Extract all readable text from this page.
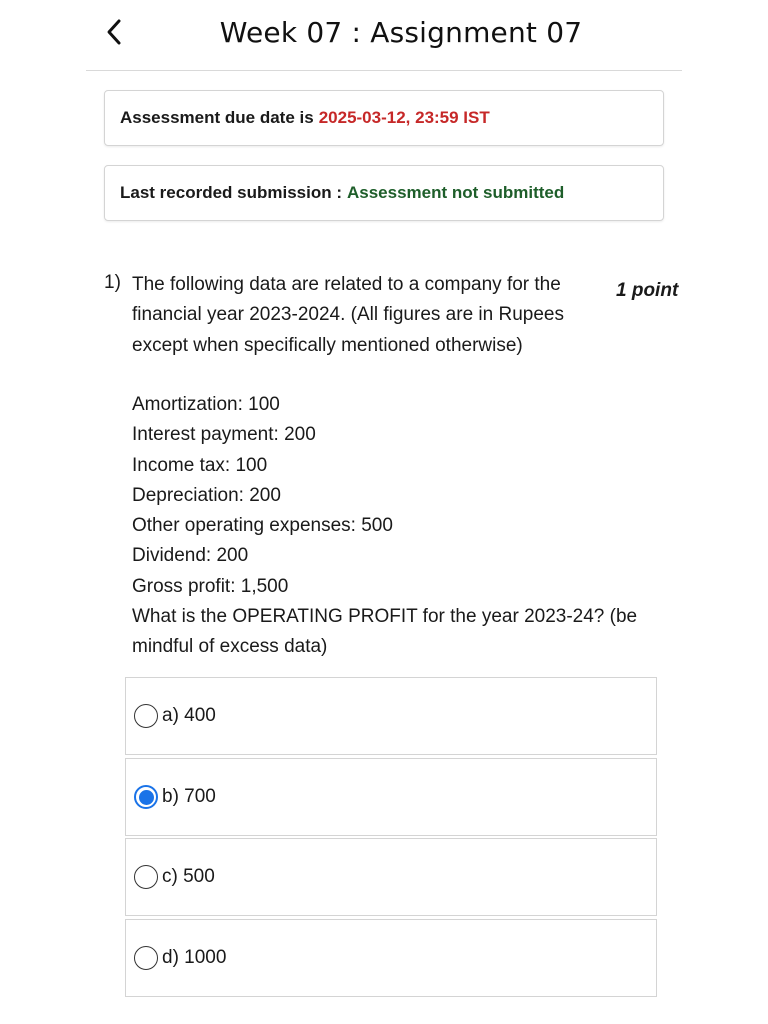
Week 07 : Assignment 07
Assessment due date is 2025-03-12, 23:59 IST
Last recorded submission : Assessment not submitted
1) The following data are related to a company for the financial year 2023-2024. (All figures are in Rupees except when specifically mentioned otherwise)
1 point
Amortization: 100
Interest payment: 200
Income tax: 100
Depreciation: 200
Other operating expenses: 500
Dividend: 200
Gross profit: 1,500
What is the OPERATING PROFIT for the year 2023-24? (be mindful of excess data)
a) 400
b) 700
c) 500
d) 1000
